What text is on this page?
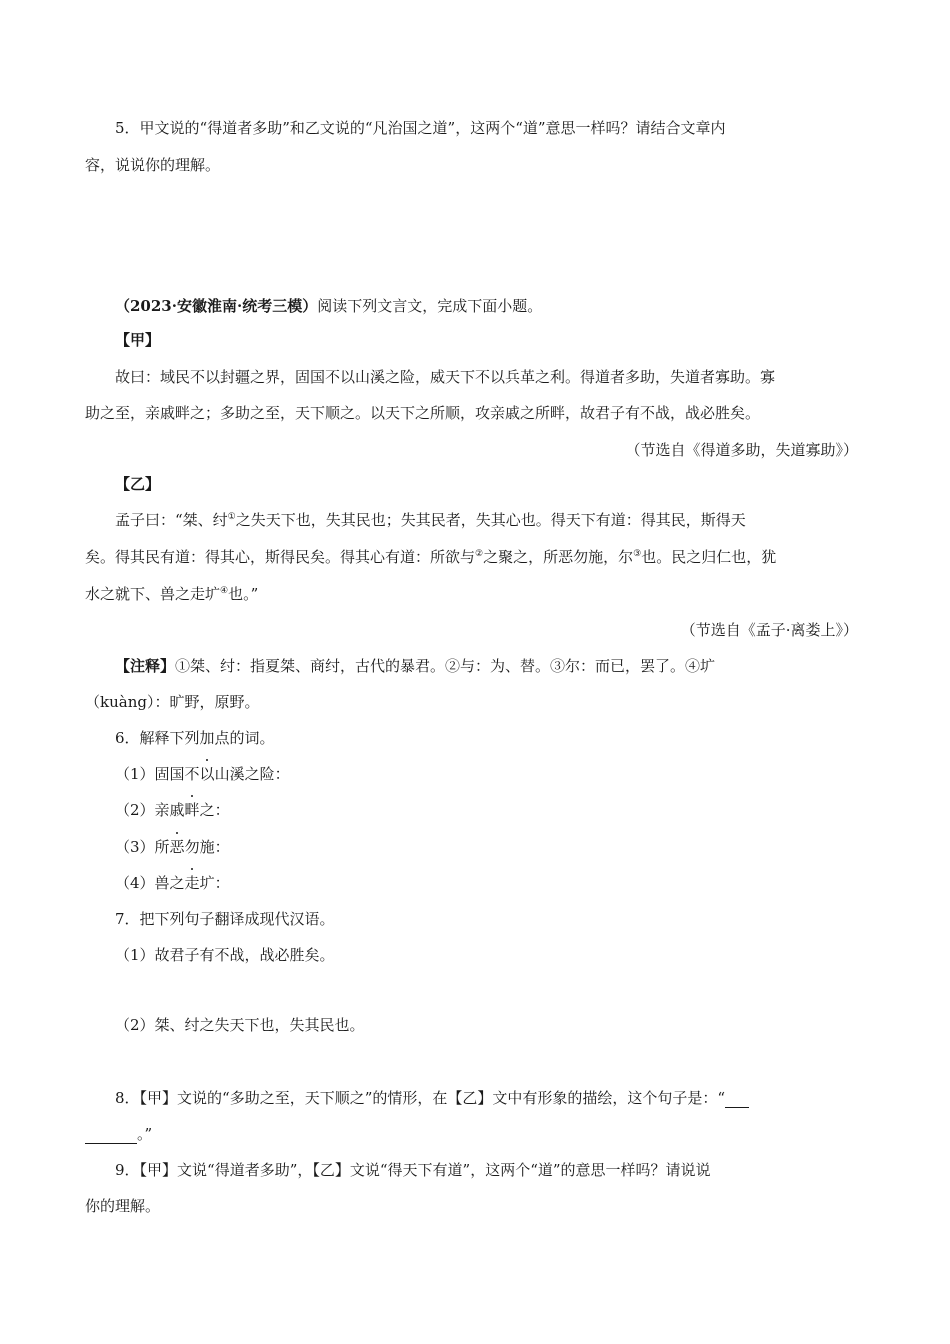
5．甲文说的“得道者多助”和乙文说的“凡治国之道”，这两个“道”意思一样吗？请结合文章内
容，说说你的理解。
（2023·安徽淮南·统考三模）阅读下列文言文，完成下面小题。
【甲】
故曰：域民不以封疆之界，固国不以山溪之险，威天下不以兵革之利。得道者多助，失道者寡助。寡
助之至，亲戚畔之；多助之至，天下顺之。以天下之所顺，攻亲戚之所畔，故君子有不战，战必胜矣。
（节选自《得道多助，失道寡助》）
【乙】
孟子曰：“桀、纣①之失天下也，失其民也；失其民者，失其心也。得天下有道：得其民，斯得天
矣。得其民有道：得其心，斯得民矣。得其心有道：所欲与②之聚之，所恶勿施，尔③也。民之归仁也，犹
水之就下、兽之走圹④也。”
（节选自《孟子·离娄上》）
【注释】①桀、纣：指夏桀、商纣，古代的暴君。②与：为、替。③尔：而已，罢了。④圹
（kuàng）：旷野，原野。
6．解释下列加点的词。
（1）固国不以山溪之险：
（2）亲戚畔之：
（3）所恶勿施：
（4）兽之走圹：
7．把下列句子翻译成现代汉语。
（1）故君子有不战，战必胜矣。
（2）桀、纣之失天下也，失其民也。
8．【甲】文说的“多助之至，天下顺之”的情形，在【乙】文中有形象的描绘，这个句子是：“
。”
9．【甲】文说“得道者多助”，【乙】文说“得天下有道”，这两个“道”的意思一样吗？请说说
你的理解。
